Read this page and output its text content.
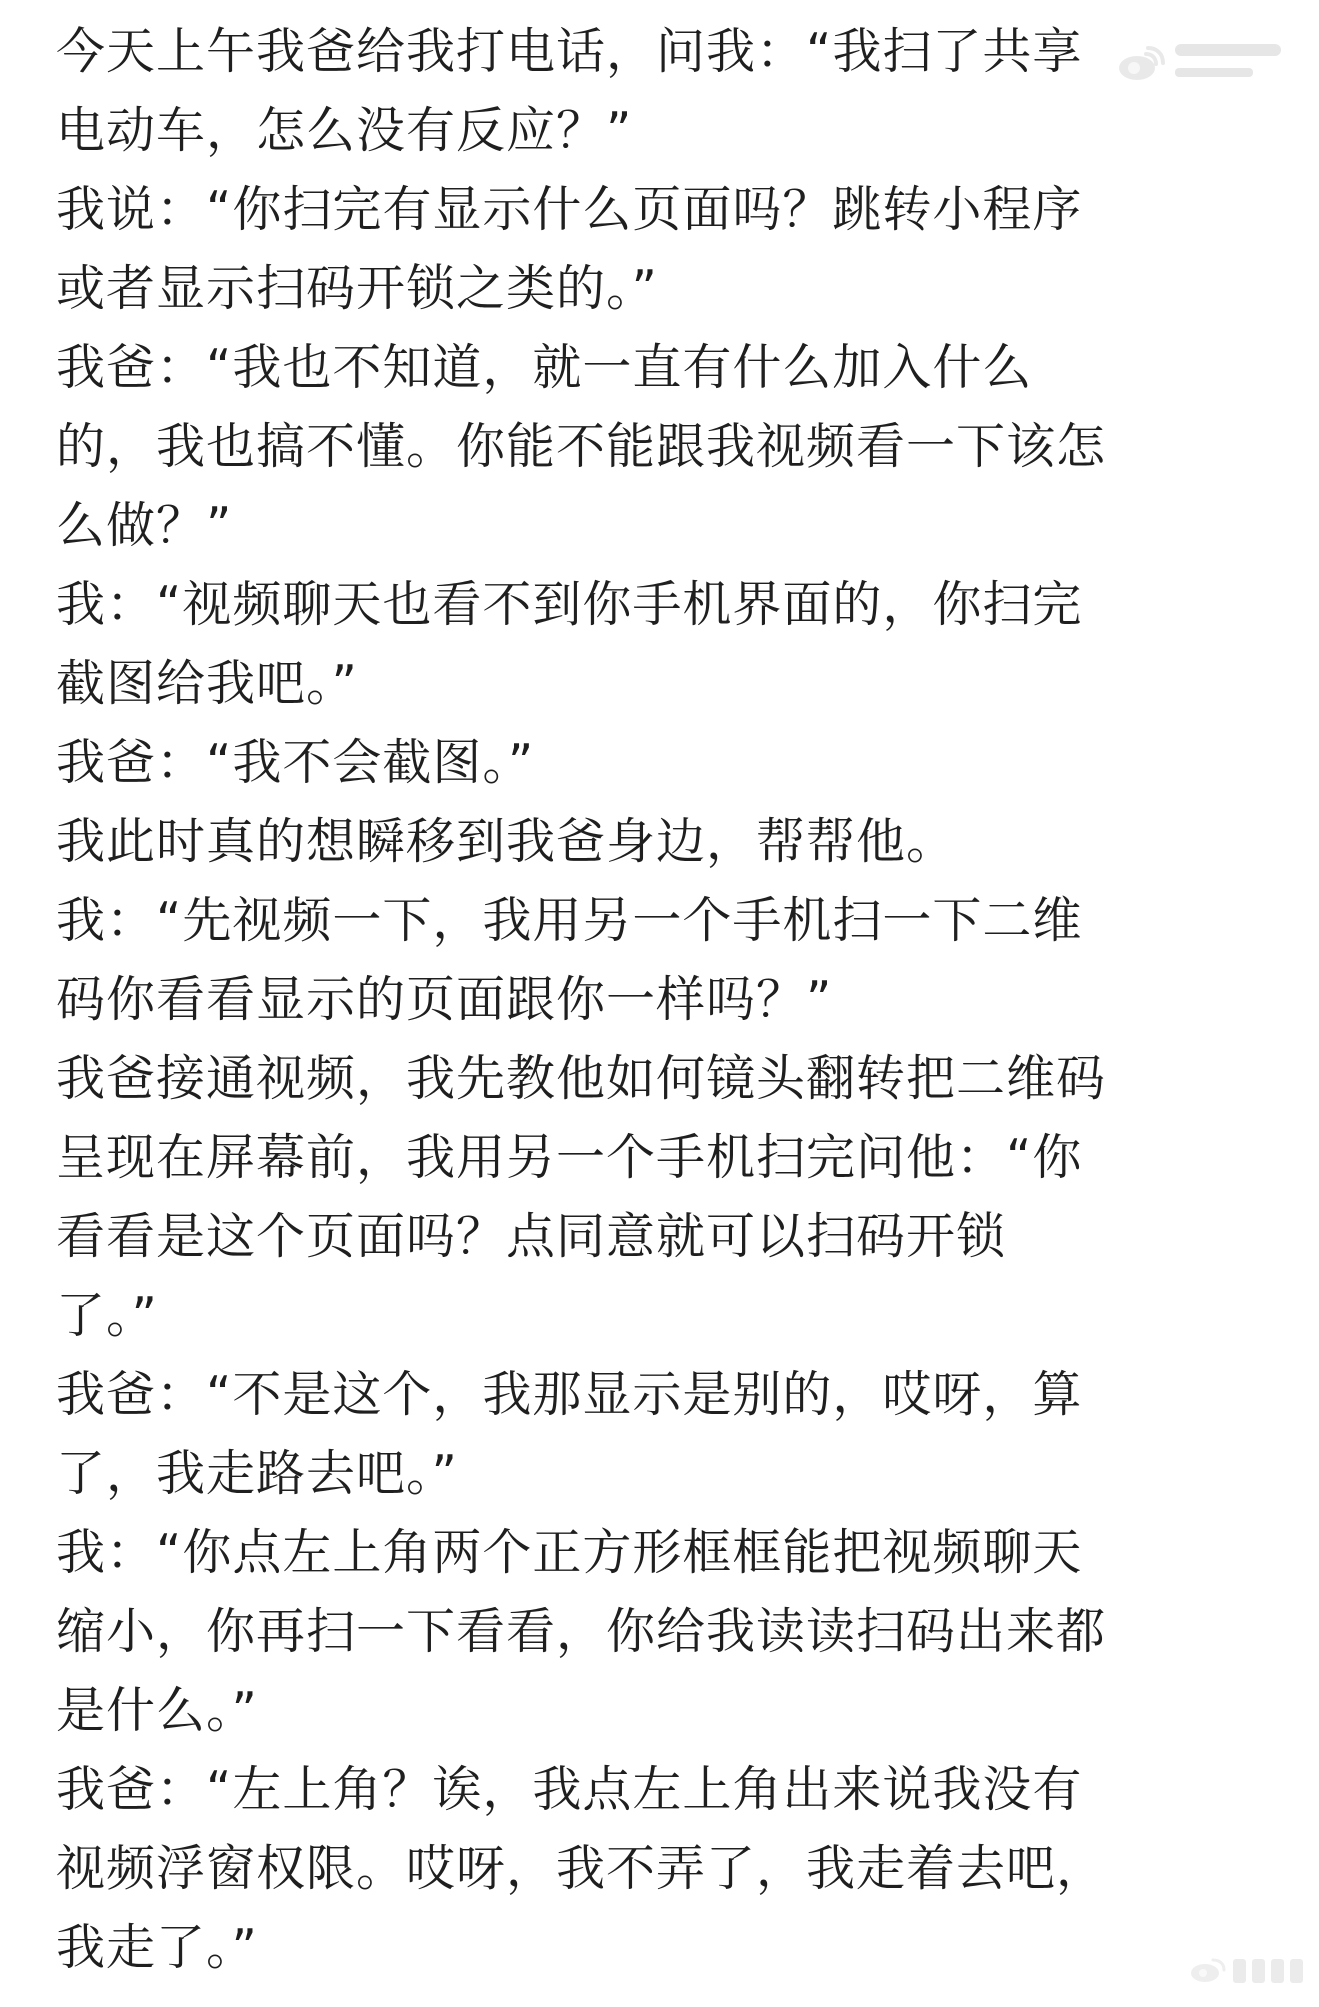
今天上午我爸给我打电话，问我：“我扫了共享
电动车，怎么没有反应？”
我说：“你扫完有显示什么页面吗？跳转小程序
或者显示扫码开锁之类的。”
我爸：“我也不知道，就一直有什么加入什么
的，我也搞不懂。你能不能跟我视频看一下该怎
么做？”
我：“视频聊天也看不到你手机界面的，你扫完
截图给我吧。”
我爸：“我不会截图。”
我此时真的想瞬移到我爸身边，帮帮他。
我：“先视频一下，我用另一个手机扫一下二维
码你看看显示的页面跟你一样吗？”
我爸接通视频，我先教他如何镜头翻转把二维码
呈现在屏幕前，我用另一个手机扫完问他：“你
看看是这个页面吗？点同意就可以扫码开锁
了。”
我爸：“不是这个，我那显示是别的，哎呀，算
了，我走路去吧。”
我：“你点左上角两个正方形框框能把视频聊天
缩小，你再扫一下看看，你给我读读扫码出来都
是什么。”
我爸：“左上角？诶，我点左上角出来说我没有
视频浮窗权限。哎呀，我不弄了，我走着去吧，
我走了。”
